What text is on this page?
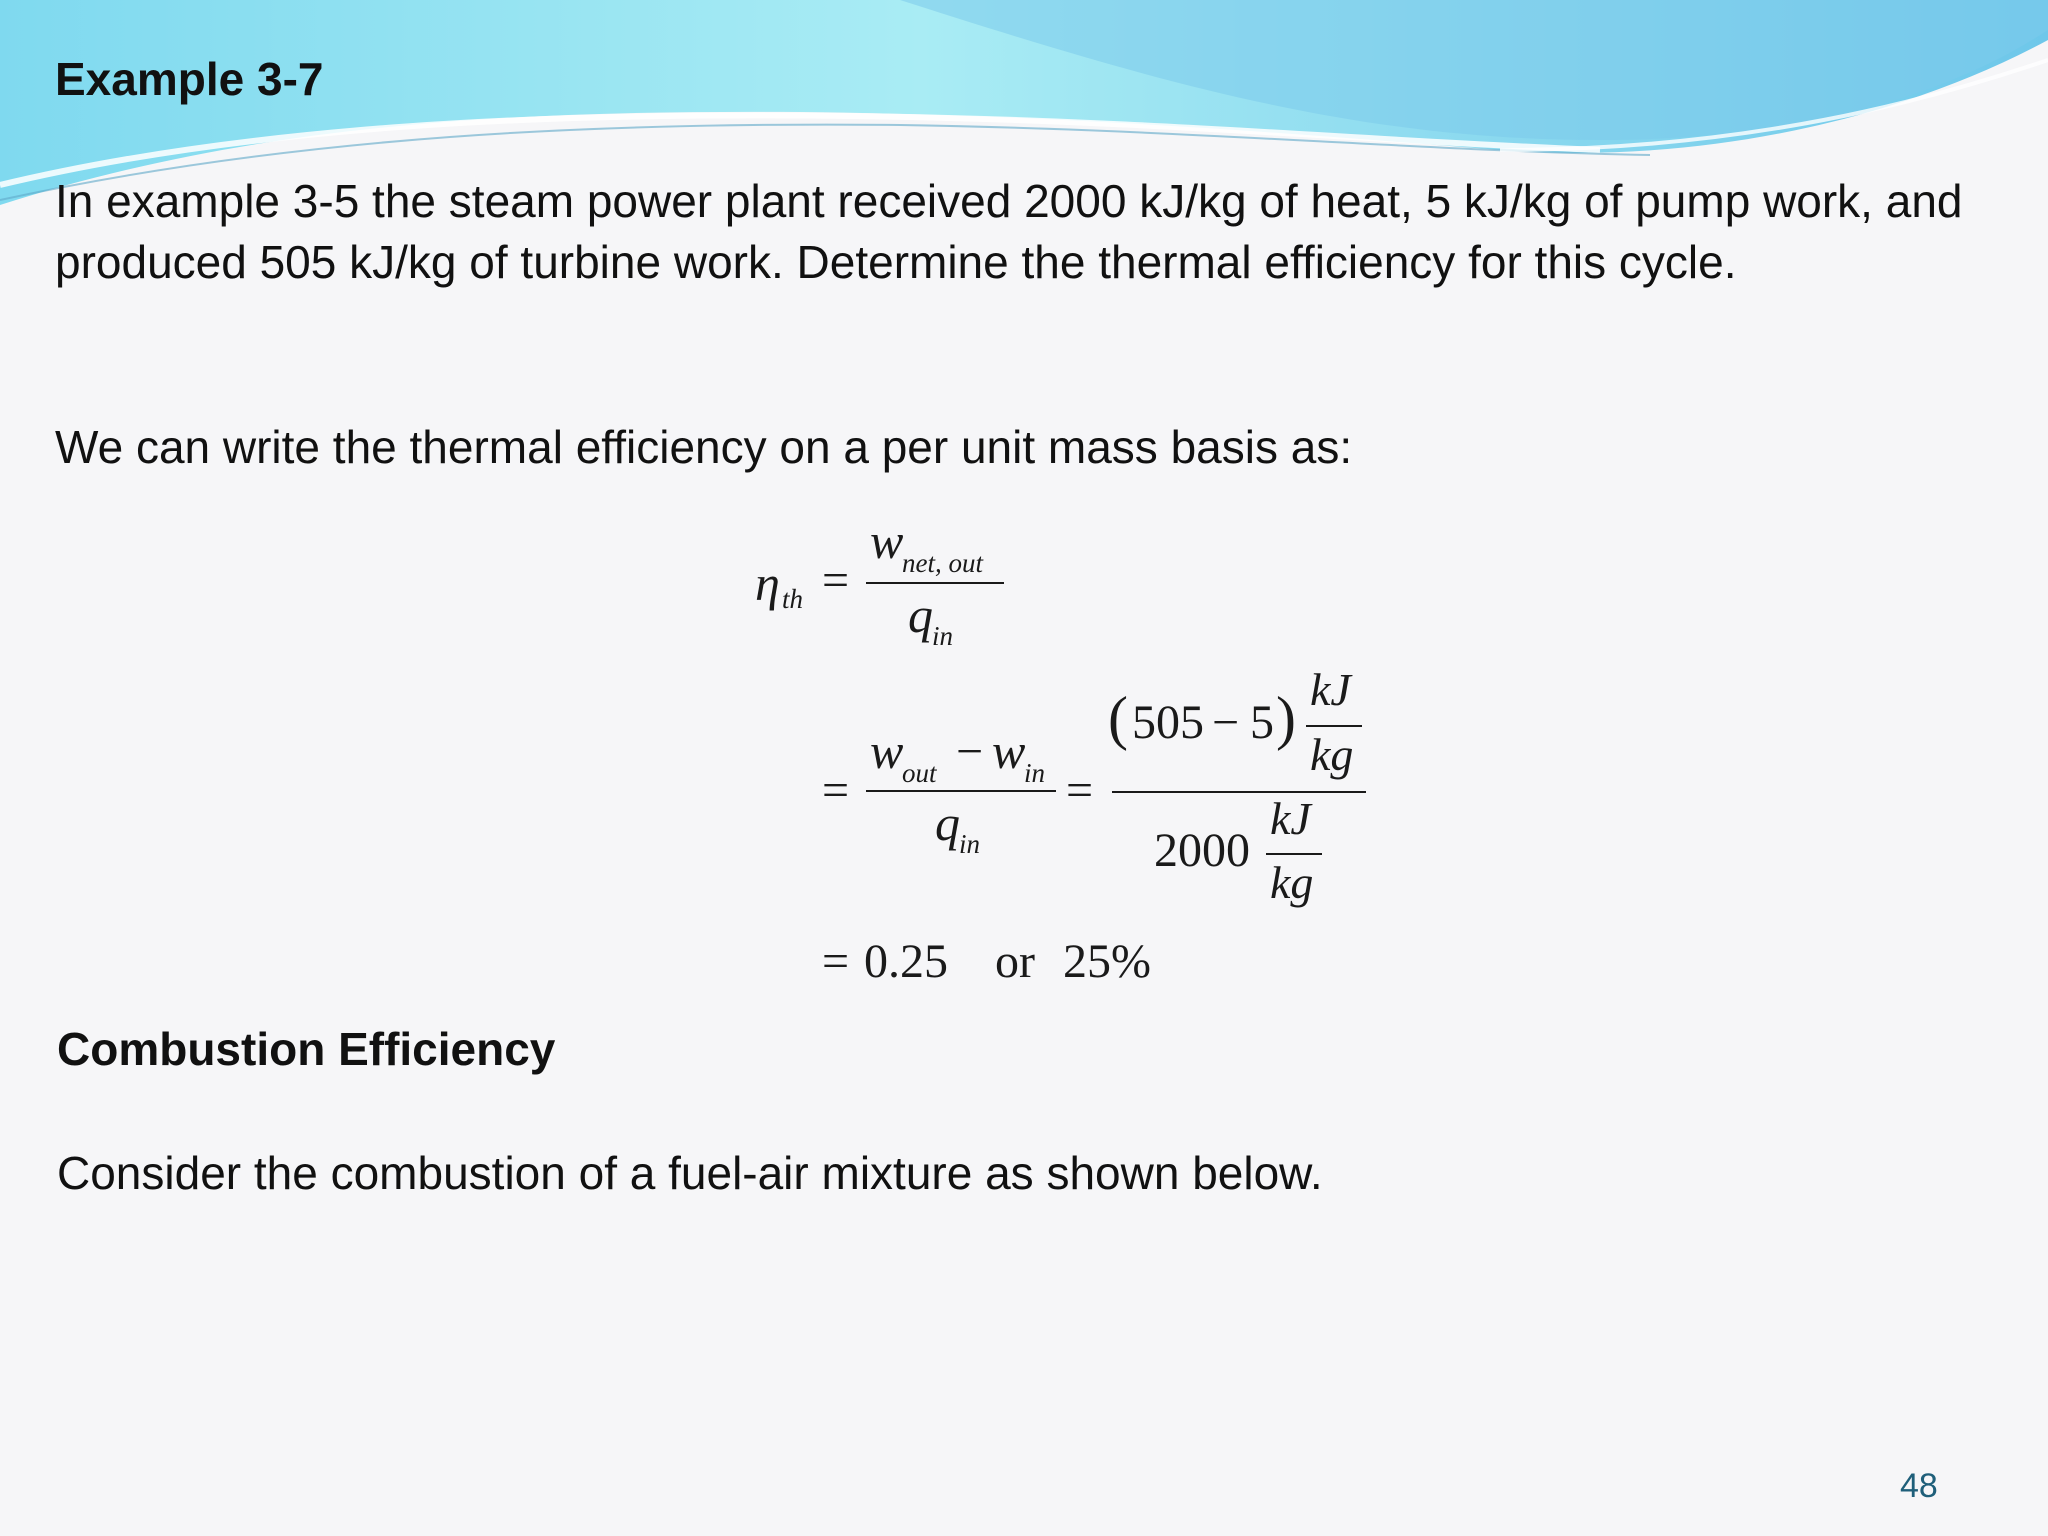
Example 3-7

In example 3-5 the steam power plant received 2000 kJ/kg of heat, 5 kJ/kg of pump work, and produced 505 kJ/kg of turbine work. Determine the thermal efficiency for this cycle.

We can write the thermal efficiency on a per unit mass basis as:

η th =
w
net, out
q in
=
w
out − w
in
q in
=
( 505 − 5 ) kJ
kg
2000
kJ
kg
= 0.25 or 25%
Combustion Efficiency

Consider the combustion of a fuel-air mixture as shown below.

48
